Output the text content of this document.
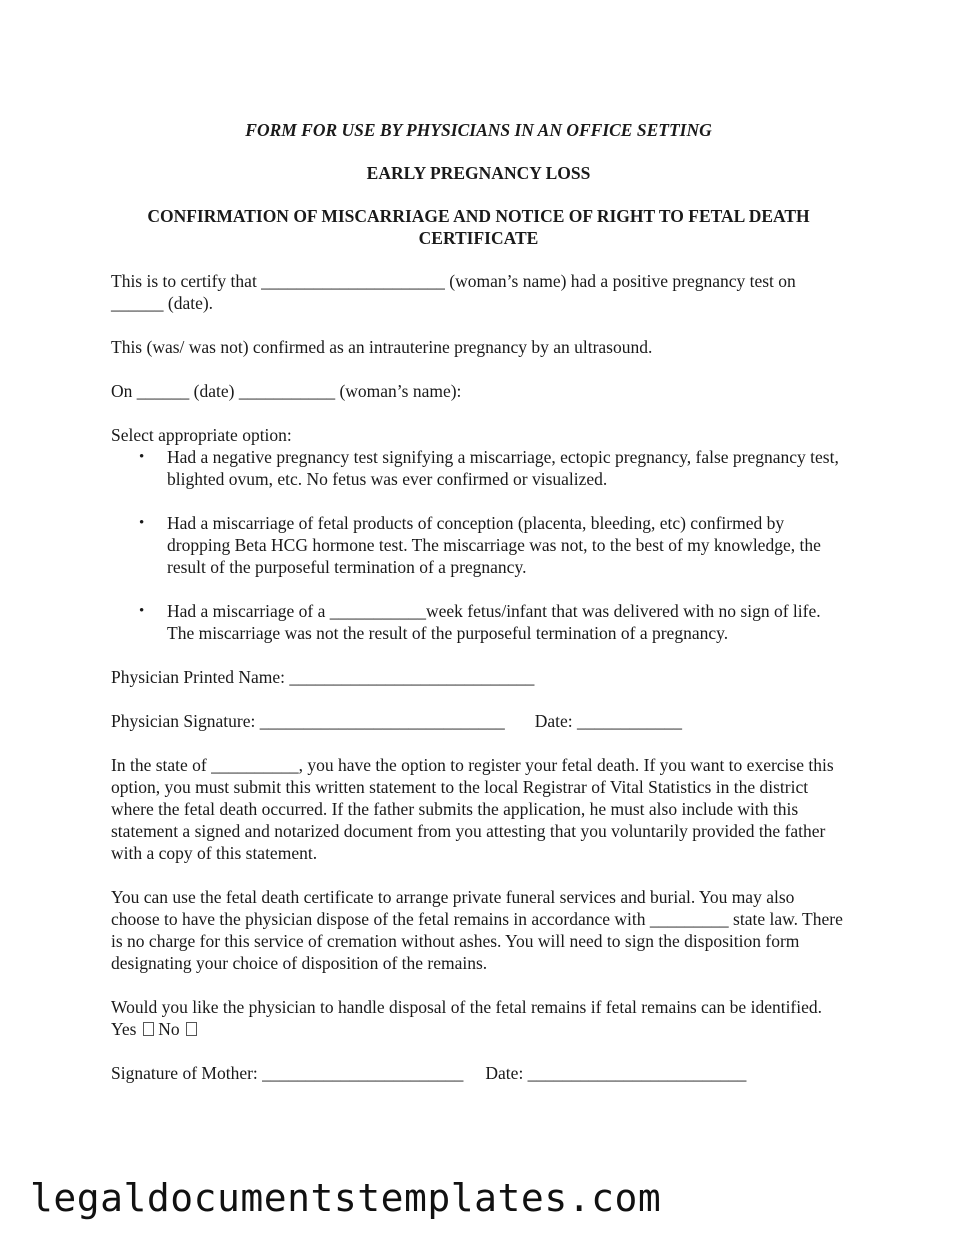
FORM FOR USE BY PHYSICIANS IN AN OFFICE SETTING
EARLY PREGNANCY LOSS
CONFIRMATION OF MISCARRIAGE AND NOTICE OF RIGHT TO FETAL DEATH CERTIFICATE

This is to certify that _____________________ (woman’s name) had a positive pregnancy test on ______ (date).

This (was/ was not) confirmed as an intrauterine pregnancy by an ultrasound.

On ______ (date) ___________ (woman’s name):

Select appropriate option:
• Had a negative pregnancy test signifying a miscarriage, ectopic pregnancy, false pregnancy test, blighted ovum, etc. No fetus was ever confirmed or visualized.
• Had a miscarriage of fetal products of conception (placenta, bleeding, etc) confirmed by dropping Beta HCG hormone test. The miscarriage was not, to the best of my knowledge, the result of the purposeful termination of a pregnancy.
• Had a miscarriage of a ___________week fetus/infant that was delivered with no sign of life. The miscarriage was not the result of the purposeful termination of a pregnancy.
Physician Printed Name: ____________________________
Physician Signature: ____________________________ Date: ____________

In the state of __________, you have the option to register your fetal death. If you want to exercise this option, you must submit this written statement to the local Registrar of Vital Statistics in the district where the fetal death occurred. If the father submits the application, he must also include with this statement a signed and notarized document from you attesting that you voluntarily provided the father with a copy of this statement.

You can use the fetal death certificate to arrange private funeral services and burial. You may also choose to have the physician dispose of the fetal remains in accordance with _________ state law. There is no charge for this service of cremation without ashes. You will need to sign the disposition form designating your choice of disposition of the remains.

Would you like the physician to handle disposal of the fetal remains if fetal remains can be identified.Yes No

Signature of Mother: _______________________ Date: _________________________
legaldocumentstemplates.com
